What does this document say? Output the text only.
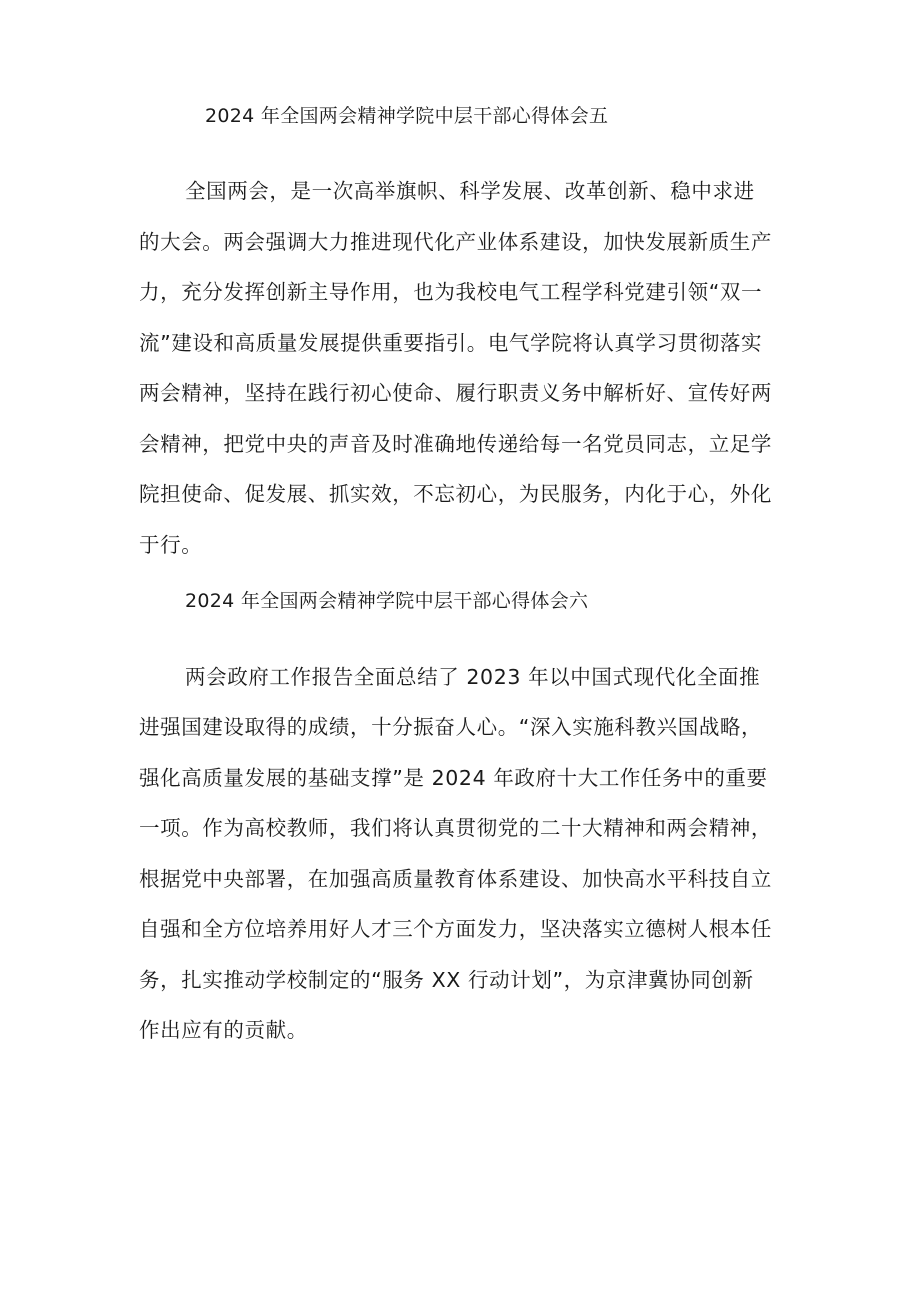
2024 年全国两会精神学院中层干部心得体会五
全国两会，是一次高举旗帜、科学发展、改革创新、稳中求进
的大会。两会强调大力推进现代化产业体系建设，加快发展新质生产
力，充分发挥创新主导作用，也为我校电气工程学科党建引领“双一
流”建设和高质量发展提供重要指引。电气学院将认真学习贯彻落实
两会精神，坚持在践行初心使命、履行职责义务中解析好、宣传好两
会精神，把党中央的声音及时准确地传递给每一名党员同志，立足学
院担使命、促发展、抓实效，不忘初心，为民服务，内化于心，外化
于行。
2024 年全国两会精神学院中层干部心得体会六
两会政府工作报告全面总结了 2023 年以中国式现代化全面推
进强国建设取得的成绩，十分振奋人心。“深入实施科教兴国战略，
强化高质量发展的基础支撑”是 2024 年政府十大工作任务中的重要
一项。作为高校教师，我们将认真贯彻党的二十大精神和两会精神，
根据党中央部署，在加强高质量教育体系建设、加快高水平科技自立
自强和全方位培养用好人才三个方面发力，坚决落实立德树人根本任
务，扎实推动学校制定的“服务 XX 行动计划”，为京津冀协同创新
作出应有的贡献。
